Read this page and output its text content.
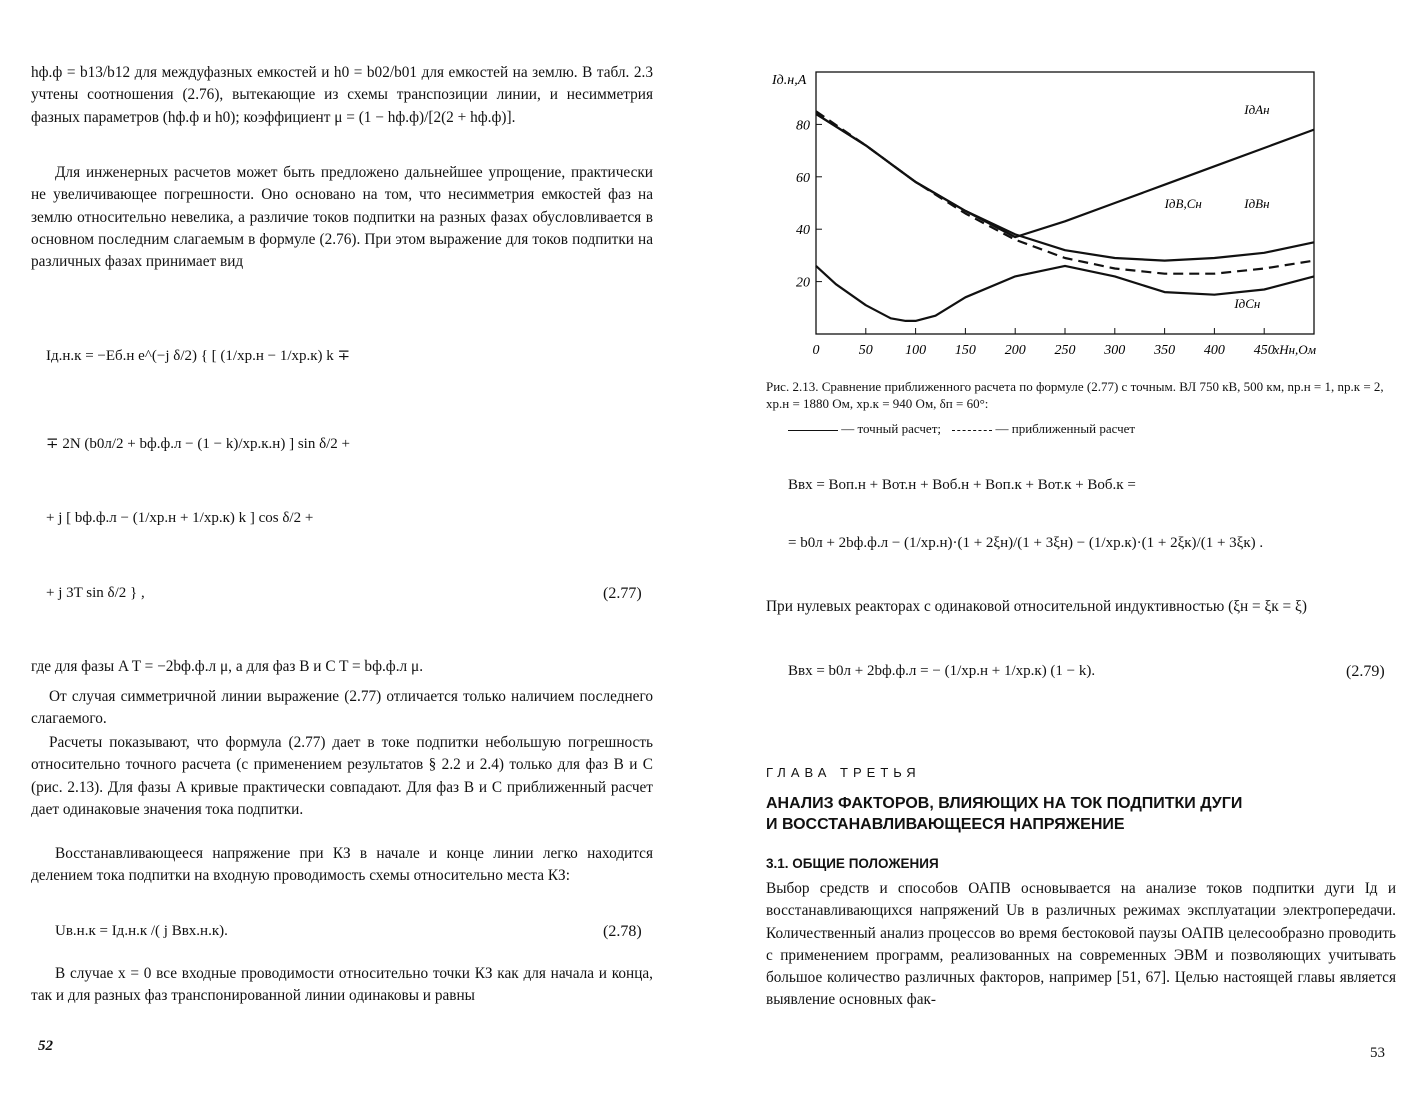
hф.ф = b13/b12 для междуфазных емкостей и h0 = b02/b01 для емкостей на землю. В табл. 2.3 учтены соотношения (2.76), вытекающие из схемы транспозиции линии, и несимметрия фазных параметров (hф.ф и h0); коэффициент μ = (1 − hф.ф)/[2(2 + hф.ф)].
Для инженерных расчетов может быть предложено дальнейшее упрощение, практически не увеличивающее погрешности. Оно основано на том, что несимметрия емкостей фаз на землю относительно невелика, а различие токов подпитки на разных фазах обусловливается в основном последним слагаемым в формуле (2.76). При этом выражение для токов подпитки на различных фазах принимает вид
Iд.н.к = −Eб.н e^(−j δ/2) { [ (1/xр.н − 1/xр.к) k ∓
∓ 2N (b0л/2 + bф.ф.л − (1 − k)/xр.к.н) ] sin δ/2 +
+ j [ bф.ф.л − (1/xр.н + 1/xр.к) k ] cos δ/2 +
+ j 3T sin δ/2 } ,	(2.77)
где для фазы A T = −2bф.ф.л μ, а для фаз B и C T = bф.ф.л μ.
От случая симметричной линии выражение (2.77) отличается только наличием последнего слагаемого.
Расчеты показывают, что формула (2.77) дает в токе подпитки небольшую погрешность относительно точного расчета (с применением результатов § 2.2 и 2.4) только для фаз B и C (рис. 2.13). Для фазы A кривые практически совпадают. Для фаз B и C приближенный расчет дает одинаковые значения тока подпитки.
Восстанавливающееся напряжение при КЗ в начале и конце линии легко находится делением тока подпитки на входную проводимость схемы относительно места КЗ:
Uв.н.к = Iд.н.к /( j Bвх.н.к).	(2.78)
В случае x = 0 все входные проводимости относительно точки КЗ как для начала и конца, так и для разных фаз транспонированной линии одинаковы и равны
52
0	50 100 150 200 250 300 350 400 450
20
40
60
80
Iд.н,А
xНн,Ом
IдAн
IдBн
IдB,Cн
IдCн
Рис. 2.13. Сравнение приближенного расчета по формуле (2.77) с точным. ВЛ 750 кВ, 500 км, nр.н = 1, nр.к = 2, xр.н = 1880 Ом, xр.к = 940 Ом, δп = 60°:
— точный расчет;	— приближенный расчет
Bвх = Bоп.н + Bот.н + Bоб.н + Bоп.к + Bот.к + Bоб.к =
= b0л + 2bф.ф.л − (1/xр.н)·(1 + 2ξн)/(1 + 3ξн) − (1/xр.к)·(1 + 2ξк)/(1 + 3ξк) .
При нулевых реакторах с одинаковой относительной индуктивностью (ξн = ξк = ξ)
Bвх = b0л + 2bф.ф.л = − (1/xр.н + 1/xр.к) (1 − k).	(2.79)
ГЛАВА ТРЕТЬЯ
АНАЛИЗ ФАКТОРОВ, ВЛИЯЮЩИХ НА ТОК ПОДПИТКИ ДУГИ
И ВОССТАНАВЛИВАЮЩЕЕСЯ НАПРЯЖЕНИЕ
3.1. ОБЩИЕ ПОЛОЖЕНИЯ
Выбор средств и способов ОАПВ основывается на анализе токов подпитки дуги Iд и восстанавливающихся напряжений Uв в различных режимах эксплуатации электропередачи. Количественный анализ процессов во время бестоковой паузы ОАПВ целесообразно проводить с применением программ, реализованных на современных ЭВМ и позволяющих учитывать большое количество различных факторов, например [51, 67]. Целью настоящей главы является выявление основных фак-
53
